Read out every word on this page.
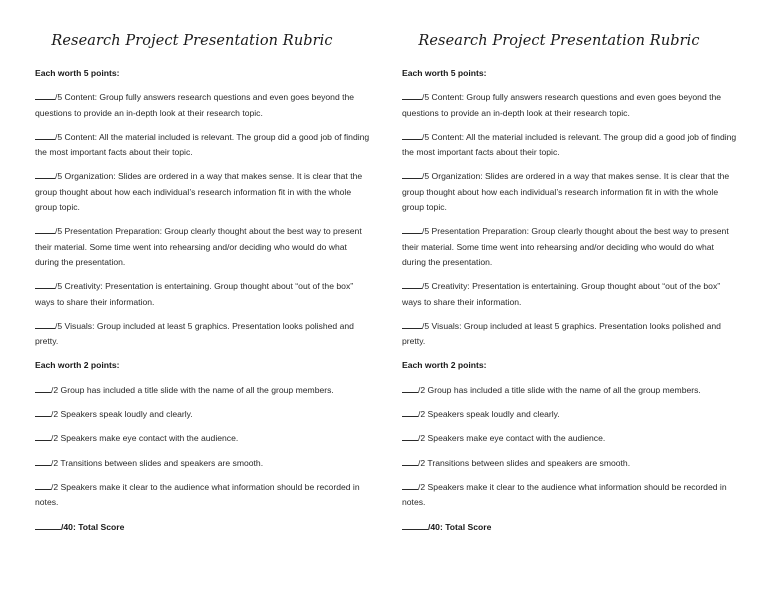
Research Project Presentation Rubric
Each worth 5 points:
/5 Content: Group fully answers research questions and even goes beyond the questions to provide an in-depth look at their research topic.
/5 Content: All the material included is relevant. The group did a good job of finding the most important facts about their topic.
/5 Organization: Slides are ordered in a way that makes sense. It is clear that the group thought about how each individual’s research information fit in with the whole group topic.
/5 Presentation Preparation: Group clearly thought about the best way to present their material. Some time went into rehearsing and/or deciding who would do what during the presentation.
/5 Creativity: Presentation is entertaining. Group thought about “out of the box” ways to share their information.
/5 Visuals: Group included at least 5 graphics. Presentation looks polished and pretty.
Each worth 2 points:
/2 Group has included a title slide with the name of all the group members.
/2 Speakers speak loudly and clearly.
/2 Speakers make eye contact with the audience.
/2 Transitions between slides and speakers are smooth.
/2 Speakers make it clear to the audience what information should be recorded in notes.
/40: Total Score
Research Project Presentation Rubric
Each worth 5 points:
/5 Content: Group fully answers research questions and even goes beyond the questions to provide an in-depth look at their research topic.
/5 Content: All the material included is relevant. The group did a good job of finding the most important facts about their topic.
/5 Organization: Slides are ordered in a way that makes sense. It is clear that the group thought about how each individual’s research information fit in with the whole group topic.
/5 Presentation Preparation: Group clearly thought about the best way to present their material. Some time went into rehearsing and/or deciding who would do what during the presentation.
/5 Creativity: Presentation is entertaining. Group thought about “out of the box” ways to share their information.
/5 Visuals: Group included at least 5 graphics. Presentation looks polished and pretty.
Each worth 2 points:
/2 Group has included a title slide with the name of all the group members.
/2 Speakers speak loudly and clearly.
/2 Speakers make eye contact with the audience.
/2 Transitions between slides and speakers are smooth.
/2 Speakers make it clear to the audience what information should be recorded in notes.
/40: Total Score
